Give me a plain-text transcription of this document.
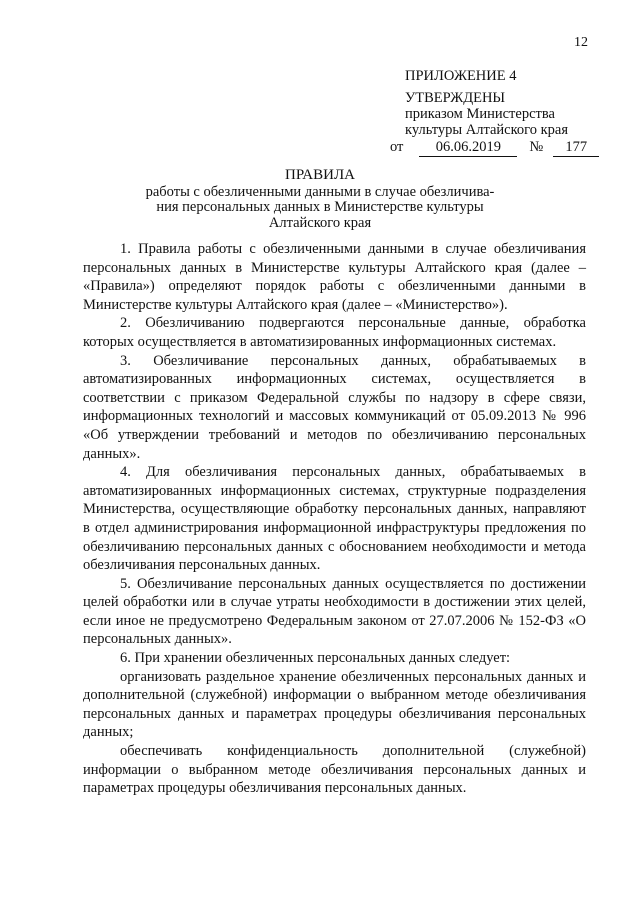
12
ПРИЛОЖЕНИЕ 4
УТВЕРЖДЕНЫ
приказом Министерства
культуры Алтайского края
от 06.06.2019 № 177
ПРАВИЛА
работы с обезличенными данными в случае обезличива-
ния персональных данных в Министерстве культуры
Алтайского края

1. Правила работы с обезличенными данными в случае обезличивания персональных данных в Министерстве культуры Алтайского края (далее – «Правила») определяют порядок работы с обезличенными данными в Министерстве культуры Алтайского края (далее – «Министерство»).

2. Обезличиванию подвергаются персональные данные, обработка которых осуществляется в автоматизированных информационных системах.

3. Обезличивание персональных данных, обрабатываемых в автоматизированных информационных системах, осуществляется в соответствии с приказом Федеральной службы по надзору в сфере связи, информационных технологий и массовых коммуникаций от 05.09.2013 № 996 «Об утверждении требований и методов по обезличиванию персональных данных».

4. Для обезличивания персональных данных, обрабатываемых в автоматизированных информационных системах, структурные подразделения Министерства, осуществляющие обработку персональных данных, направляют в отдел администрирования информационной инфраструктуры предложения по обезличиванию персональных данных с обоснованием необходимости и метода обезличивания персональных данных.

5. Обезличивание персональных данных осуществляется по достижении целей обработки или в случае утраты необходимости в достижении этих целей, если иное не предусмотрено Федеральным законом от 27.07.2006 № 152-ФЗ «О персональных данных».

6. При хранении обезличенных персональных данных следует:

организовать раздельное хранение обезличенных персональных данных и дополнительной (служебной) информации о выбранном методе обезличивания персональных данных и параметрах процедуры обезличивания персональных данных;

обеспечивать конфиденциальность дополнительной (служебной) информации о выбранном методе обезличивания персональных данных и параметрах процедуры обезличивания персональных данных.
